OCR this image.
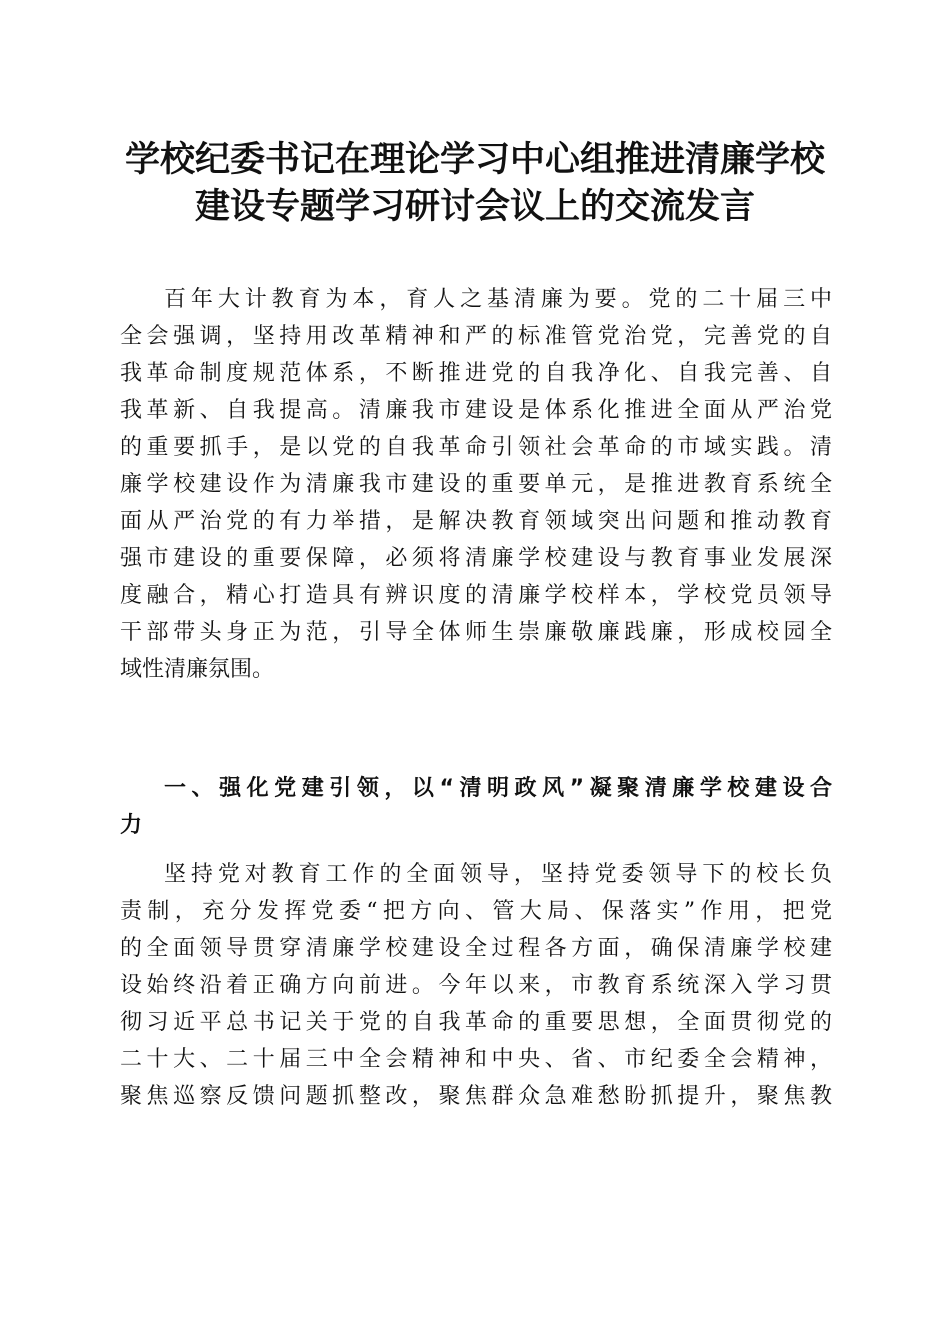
学校纪委书记在理论学习中心组推进清廉学校
建设专题学习研讨会议上的交流发言
百年大计教育为本，育人之基清廉为要。党的二十届三中
全会强调，坚持用改革精神和严的标准管党治党，完善党的自
我革命制度规范体系，不断推进党的自我净化、自我完善、自
我革新、自我提高。清廉我市建设是体系化推进全面从严治党
的重要抓手，是以党的自我革命引领社会革命的市域实践。清
廉学校建设作为清廉我市建设的重要单元，是推进教育系统全
面从严治党的有力举措，是解决教育领域突出问题和推动教育
强市建设的重要保障，必须将清廉学校建设与教育事业发展深
度融合，精心打造具有辨识度的清廉学校样本，学校党员领导
干部带头身正为范，引导全体师生崇廉敬廉践廉，形成校园全
域性清廉氛围。
一、强化党建引领，以“清明政风”凝聚清廉学校建设合
力
坚持党对教育工作的全面领导，坚持党委领导下的校长负
责制，充分发挥党委“把方向、管大局、保落实”作用，把党
的全面领导贯穿清廉学校建设全过程各方面，确保清廉学校建
设始终沿着正确方向前进。今年以来，市教育系统深入学习贯
彻习近平总书记关于党的自我革命的重要思想，全面贯彻党的
二十大、二十届三中全会精神和中央、省、市纪委全会精神，
聚焦巡察反馈问题抓整改，聚焦群众急难愁盼抓提升，聚焦教
